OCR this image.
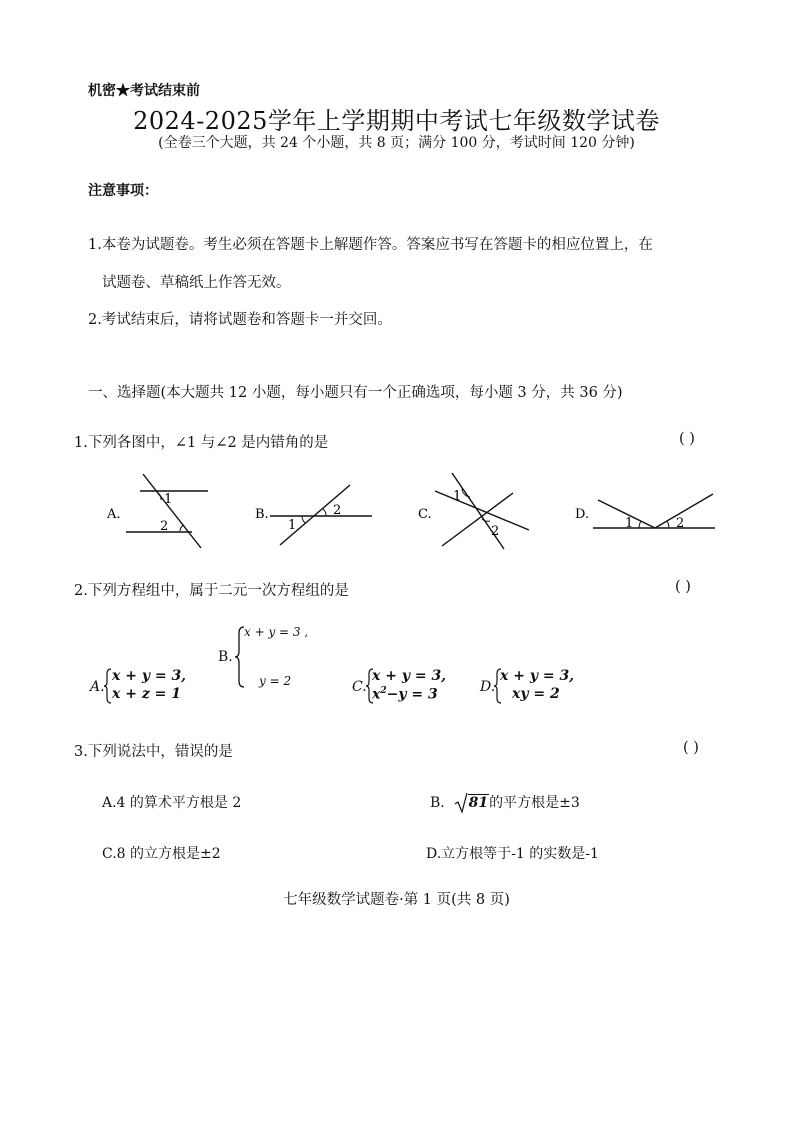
机密★考试结束前
2024-2025学年上学期期中考试七年级数学试卷
(全卷三个大题，共 24 个小题，共 8 页；满分 100 分，考试时间 120 分钟)
注意事项：
1.本卷为试题卷。考生必须在答题卡上解题作答。答案应书写在答题卡的相应位置上，在
试题卷、草稿纸上作答无效。
2.考试结束后，请将试题卷和答题卡一并交回。
一、选择题(本大题共 12 小题，每小题只有一个正确选项，每小题 3 分，共 36 分)
1.下列各图中，∠1 与∠2 是内错角的是	( )
A.
1
2
B.
1
2	C.
1
2
D.
1	2
2.下列方程组中，属于二元一次方程组的是	( )
A.
x + y = 3,
x + z = 1
B.
x + y = 3 ,
y = 2	C.
x + y = 3,
$x^2-y = 3$	D.
x + y = 3,
xy = 2
3.下列说法中，错误的是	( )
A.4 的算术平方根是 2	B. 81的平方根是±3
C.8 的立方根是±2	D.立方根等于-1 的实数是-1
七年级数学试题卷·第 1 页(共 8 页)
